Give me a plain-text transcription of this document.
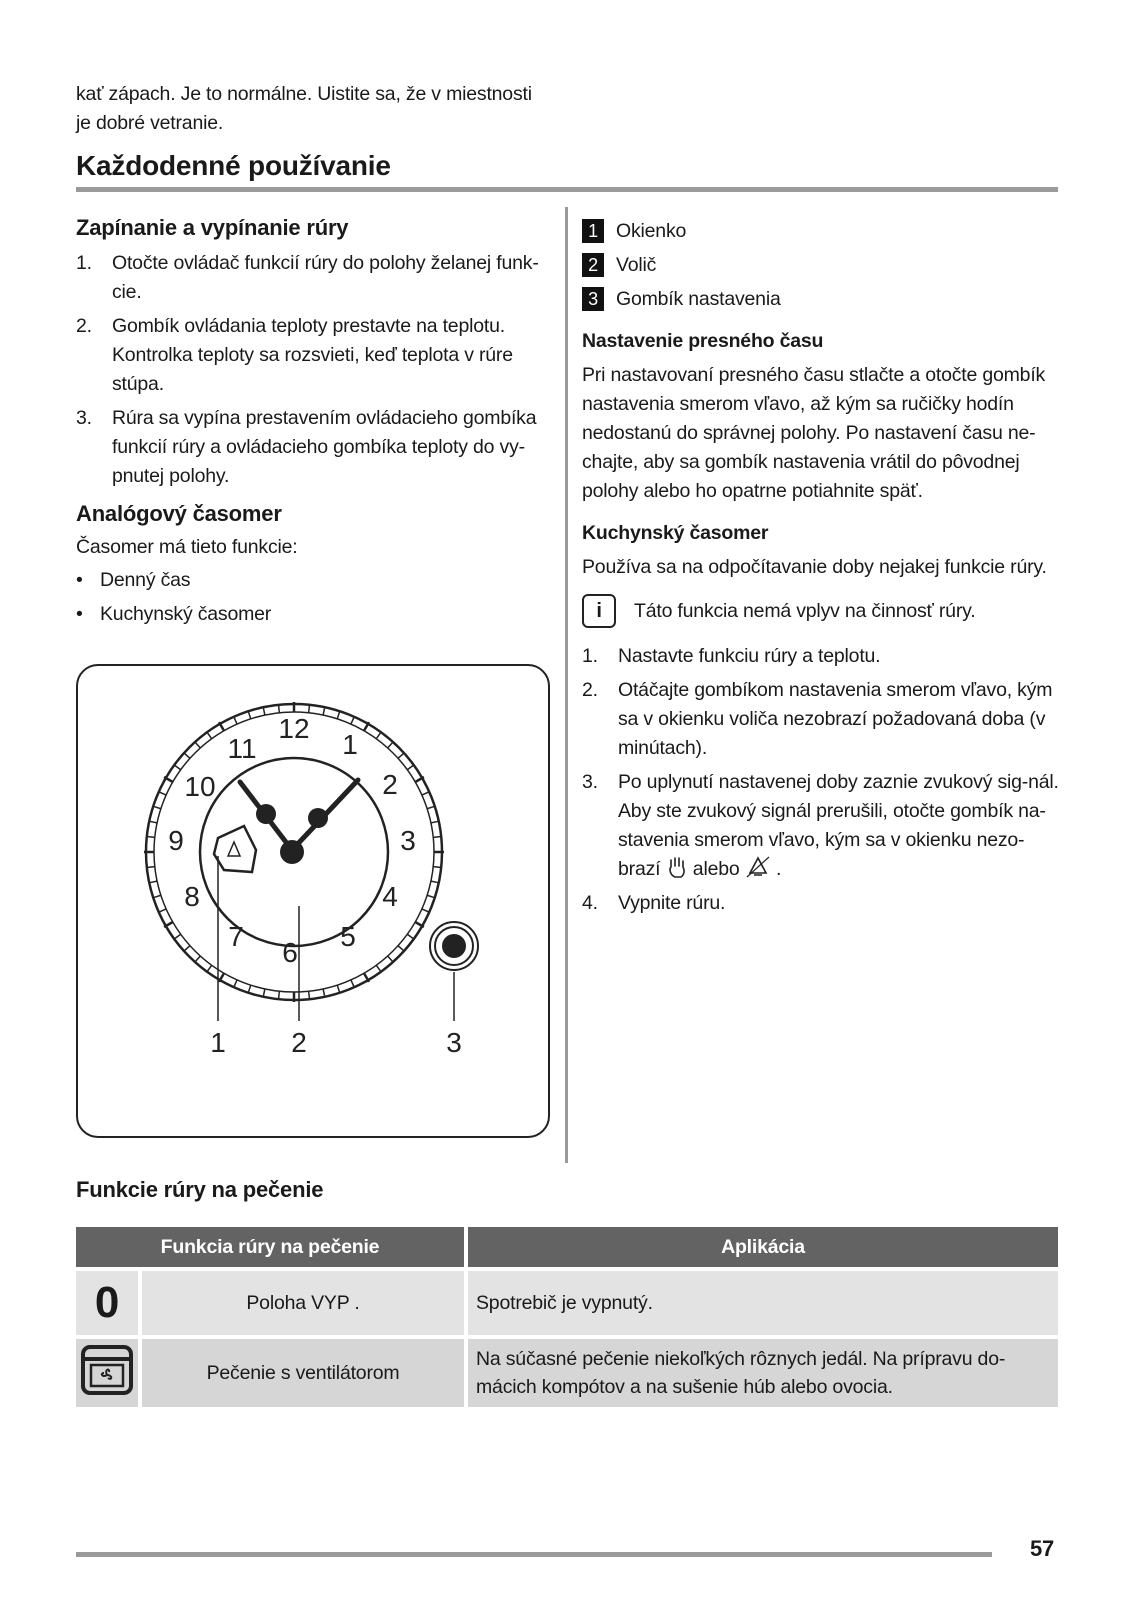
kať zápach. Je to normálne. Uistite sa, že v miestnosti
je dobré vetranie.
Každodenné používanie
Zapínanie a vypínanie rúry
1. Otočte ovládač funkcií rúry do polohy želanej funk-cie.
2. Gombík ovládania teploty prestavte na teplotu. Kontrolka teploty sa rozsvieti, keď teplota v rúre stúpa.
3. Rúra sa vypína prestavením ovládacieho gombíka funkcií rúry a ovládacieho gombíka teploty do vy-pnutej polohy.
Analógový časomer

Časomer má tieto funkcie:

• Denný čas
• Kuchynský časomer
12
1
2
3
4
5
6
7
8
9
10
11
1 2	3
1 Okienko
2 Volič
3 Gombík nastavenia
Nastavenie presného času

Pri nastavovaní presného času stlačte a otočte gombík nastavenia smerom vľavo, až kým sa ručičky hodín nedostanú do správnej polohy. Po nastavení času ne-chajte, aby sa gombík nastavenia vrátil do pôvodnej polohy alebo ho opatrne potiahnite späť.

Kuchynský časomer

Používa sa na odpočítavanie doby nejakej funkcie rúry.

i	Táto funkcia nemá vplyv na činnosť rúry.
1. Nastavte funkciu rúry a teplotu.
2. Otáčajte gombíkom nastavenia smerom vľavo, kým sa v okienku voliča nezobrazí požadovaná doba (v minútach).
3. Po uplynutí nastavenej doby zaznie zvukový sig-nál.
Aby ste zvukový signál prerušili, otočte gombík na-stavenia smerom vľavo, kým sa v okienku nezo-
brazí alebo .
4. Vypnite rúru.
Funkcie rúry na pečenie
Funkcia rúry na pečenie		Aplikácia
0	Poloha VYP .	Spotrebič je vypnutý.
	Pečenie s ventilátorom	Na súčasné pečenie niekoľkých rôznych jedál. Na prípravu do-mácich kompótov a na sušenie húb alebo ovocia.
57
